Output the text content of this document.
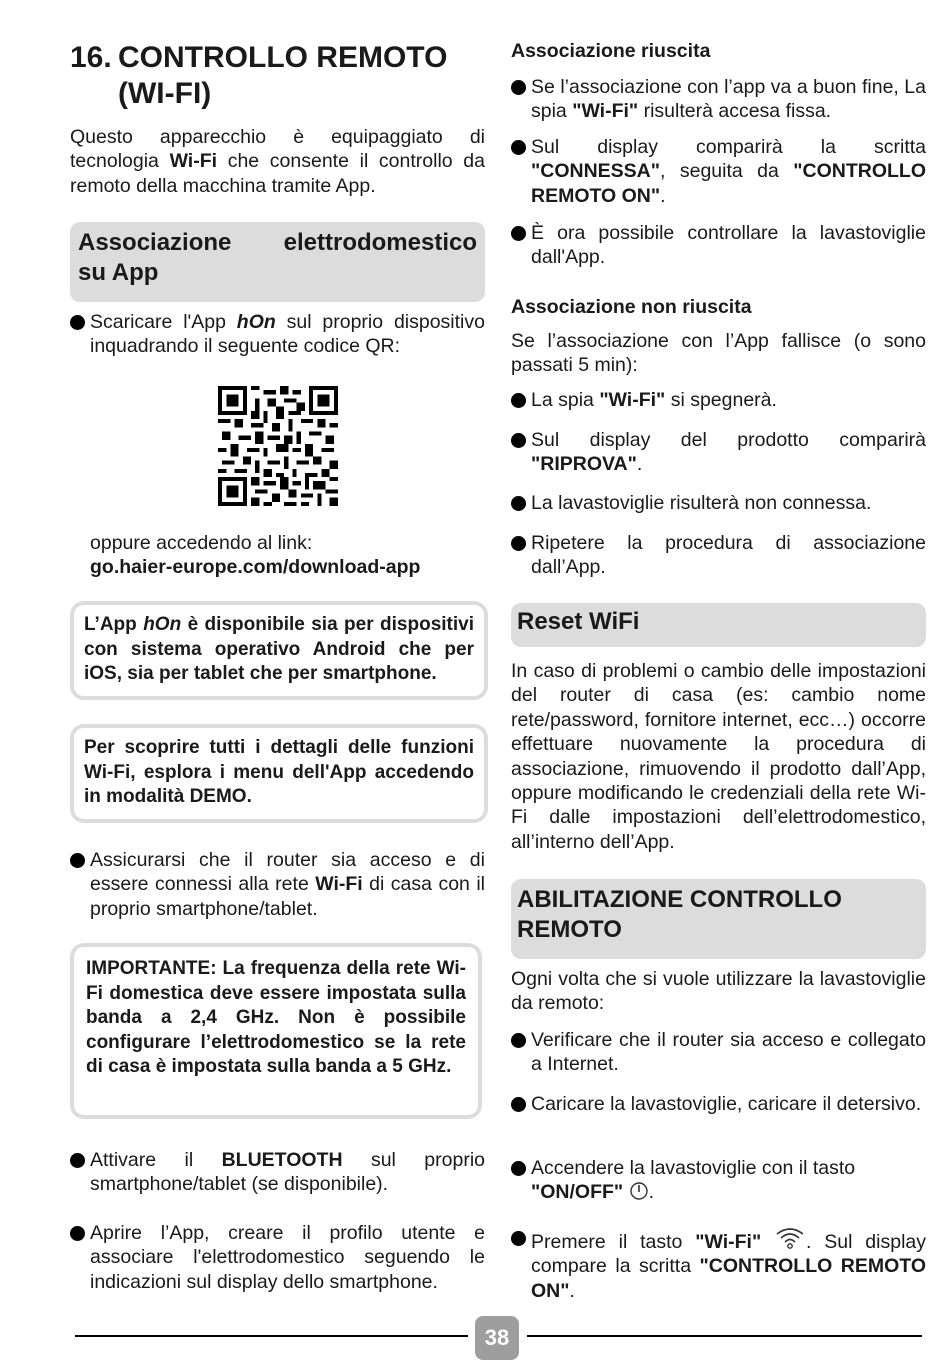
16. CONTROLLO REMOTO
(WI-FI)

Questo apparecchio è equipaggiato di tecnologia Wi-Fi che consente il controllo da remoto della macchina tramite App.

Associazione elettrodomestico
su App
Scaricare l'App hOn sul proprio dispositivo inquadrando il seguente codice QR:
oppure accedendo al link:
go.haier-europe.com/download-app
L’App hOn è disponibile sia per dispositivi con sistema operativo Android che per iOS, sia per tablet che per smartphone.
Per scoprire tutti i dettagli delle funzioni Wi-Fi, esplora i menu dell'App accedendo in modalità DEMO.
Assicurarsi che il router sia acceso e di essere connessi alla rete Wi-Fi di casa con il proprio smartphone/tablet.
IMPORTANTE: La frequenza della rete Wi-Fi domestica deve essere impostata sulla banda a 2,4 GHz. Non è possibile configurare l’elettrodomestico se la rete di casa è impostata sulla banda a 5 GHz.
Attivare il BLUETOOTH sul proprio smartphone/tablet (se disponibile).
Aprire l’App, creare il profilo utente e associare l'elettrodomestico seguendo le indicazioni sul display dello smartphone.
Associazione riuscita
Se l’associazione con l’app va a buon fine, La spia "Wi-Fi" risulterà accesa fissa.
Sul display comparirà la scritta "CONNESSA", seguita da "CONTROLLO REMOTO ON".
È ora possibile controllare la lavastoviglie dall'App.
Associazione non riuscita

Se l’associazione con l’App fallisce (o sono passati 5 min):

La spia "Wi-Fi" si spegnerà.
Sul display del prodotto comparirà "RIPROVA".
La lavastoviglie risulterà non connessa.
Ripetere la procedura di associazione dall’App.
Reset WiFi

In caso di problemi o cambio delle impostazioni del router di casa (es: cambio nome rete/password, fornitore internet, ecc…) occorre effettuare nuovamente la procedura di associazione, rimuovendo il prodotto dall’App, oppure modificando le credenziali della rete Wi-Fi dalle impostazioni dell’elettrodomestico, all’interno dell’App.

ABILITAZIONE CONTROLLO REMOTO

Ogni volta che si vuole utilizzare la lavastoviglie da remoto:

Verificare che il router sia acceso e collegato a Internet.
Caricare la lavastoviglie, caricare il detersivo.
Accendere la lavastoviglie con il tasto "ON/OFF" .
Premere il tasto "Wi-Fi" . Sul display compare la scritta "CONTROLLO REMOTO ON".
38
